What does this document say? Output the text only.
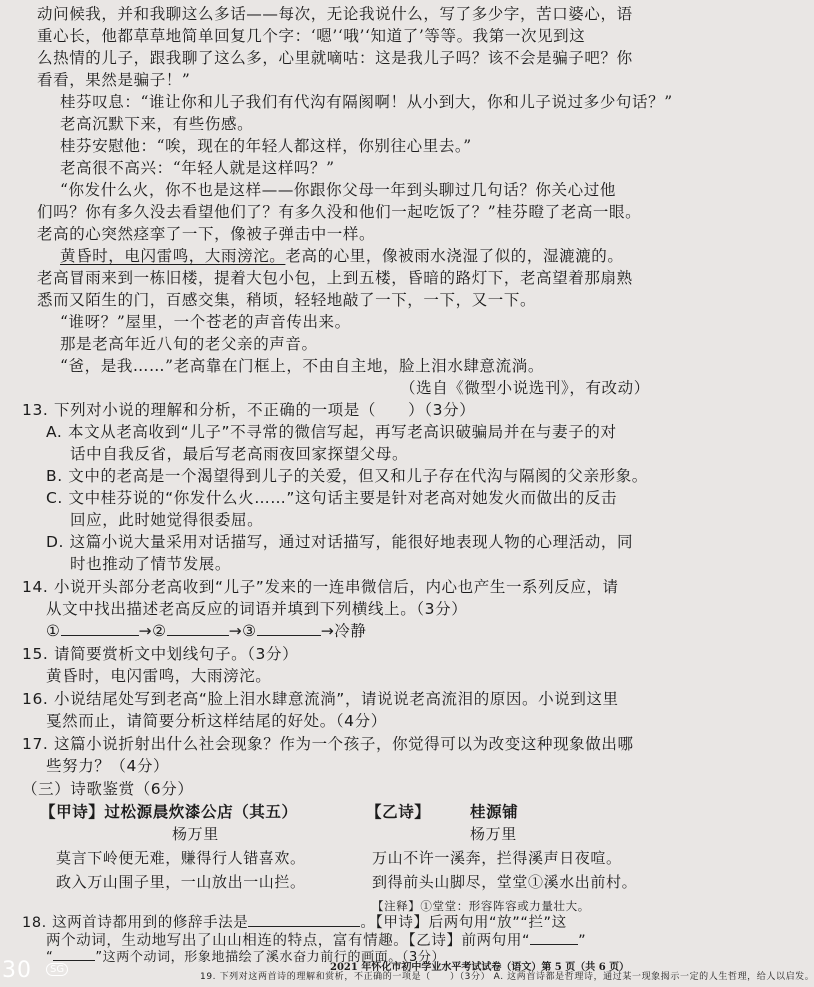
动问候我，并和我聊这么多话——每次，无论我说什么，写了多少字，苦口婆心，语
重心长，他都草草地简单回复几个字：‘嗯’‘哦’‘知道了’等等。我第一次见到这
么热情的儿子，跟我聊了这么多，心里就嘀咕：这是我儿子吗？该不会是骗子吧？你
看看，果然是骗子！”
桂芬叹息：“谁让你和儿子我们有代沟有隔阂啊！从小到大，你和儿子说过多少句话？”
老高沉默下来，有些伤感。
桂芬安慰他：“唉，现在的年轻人都这样，你别往心里去。”
老高很不高兴：“年轻人就是这样吗？”
“你发什么火，你不也是这样——你跟你父母一年到头聊过几句话？你关心过他
们吗？你有多久没去看望他们了？有多久没和他们一起吃饭了？”桂芬瞪了老高一眼。
老高的心突然痉挛了一下，像被子弹击中一样。
黄昏时，电闪雷鸣，大雨滂沱。老高的心里，像被雨水浇湿了似的，湿漉漉的。
老高冒雨来到一栋旧楼，提着大包小包，上到五楼，昏暗的路灯下，老高望着那扇熟
悉而又陌生的门，百感交集，稍顷，轻轻地敲了一下，一下，又一下。
“谁呀？”屋里，一个苍老的声音传出来。
那是老高年近八旬的老父亲的声音。
“爸，是我……”老高靠在门框上，不由自主地，脸上泪水肆意流淌。
（选自《微型小说选刊》，有改动）
13. 下列对小说的理解和分析，不正确的一项是（　　）（3分）
A. 本文从老高收到“儿子”不寻常的微信写起，再写老高识破骗局并在与妻子的对
话中自我反省，最后写老高雨夜回家探望父母。
B. 文中的老高是一个渴望得到儿子的关爱，但又和儿子存在代沟与隔阂的父亲形象。
C. 文中桂芬说的“你发什么火……”这句话主要是针对老高对她发火而做出的反击
回应，此时她觉得很委屈。
D. 这篇小说大量采用对话描写，通过对话描写，能很好地表现人物的心理活动，同
时也推动了情节发展。
14. 小说开头部分老高收到“儿子”发来的一连串微信后，内心也产生一系列反应，请
从文中找出描述老高反应的词语并填到下列横线上。（3分）
①	→②	→③	→冷静
15. 请简要赏析文中划线句子。（3分）
黄昏时，电闪雷鸣，大雨滂沱。
16. 小说结尾处写到老高“脸上泪水肆意流淌”，请说说老高流泪的原因。小说到这里
戛然而止，请简要分析这样结尾的好处。（4分）
17. 这篇小说折射出什么社会现象？作为一个孩子，你觉得可以为改变这种现象做出哪
些努力？（4分）
（三）诗歌鉴赏（6分）
【甲诗】过松源晨炊漆公店（其五）
杨万里
莫言下岭便无难，赚得行人错喜欢。
政入万山围子里，一山放出一山拦。
【乙诗】	桂源铺
杨万里
万山不许一溪奔，拦得溪声日夜喧。
到得前头山脚尽，堂堂①溪水出前村。
【注释】①堂堂：形容阵容或力量壮大。
18. 这两首诗都用到的修辞手法是	。【甲诗】后两句用“放”“拦”这
两个动词，生动地写出了山山相连的特点，富有情趣。【乙诗】前两句用“	”
2021 年怀化市初中学业水平考试试卷（语文）第 5 页（共 6 页）
30	SG
“	”这两个动词，形象地描绘了溪水奋力前行的画面。（3分）
19. 下列对这两首诗的理解和赏析，不正确的一项是（　　）（3分） A. 这两首诗都是哲理诗，通过某一现象揭示一定的人生哲理，给人以启发。
